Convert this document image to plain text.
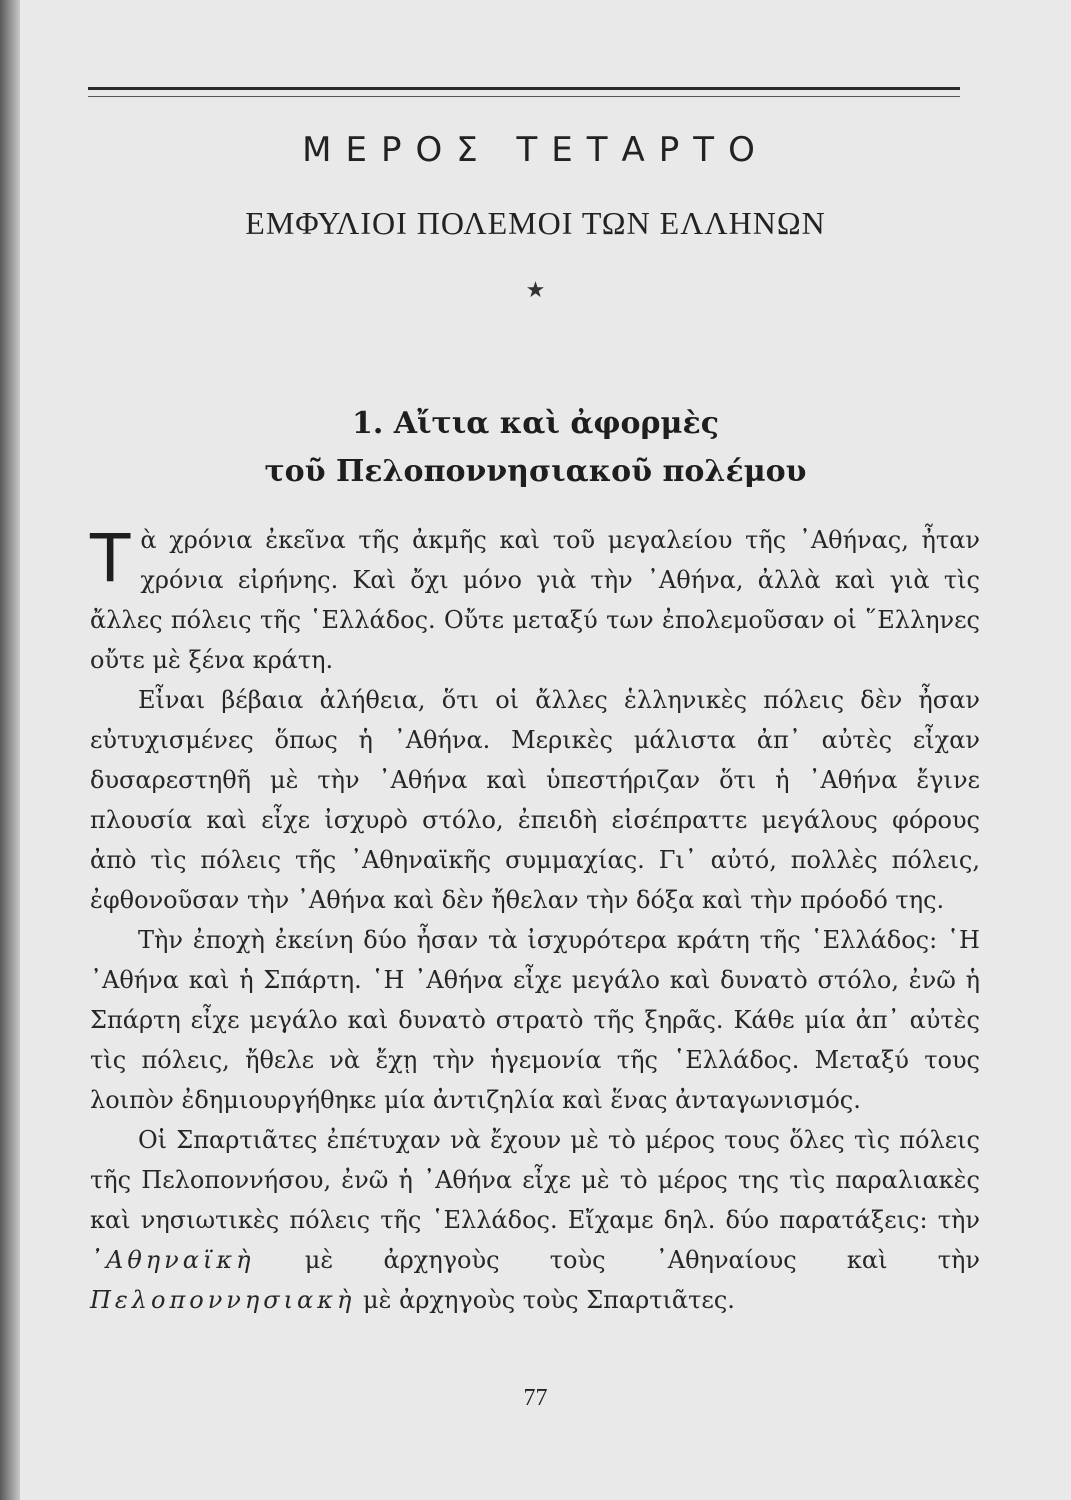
ΜΕΡΟΣ ΤΕΤΑΡΤΟ
ΕΜΦΥΛΙΟΙ ΠΟΛΕΜΟΙ ΤΩΝ ΕΛΛΗΝΩΝ
★
1. Αἴτια καὶ ἀφορμὲς
τοῦ Πελοποννησιακοῦ πολέμου

Τὰ χρόνια ἐκεῖνα τῆς ἀκμῆς καὶ τοῦ μεγαλείου τῆς ᾿Αθήνας, ἦταν χρόνια εἰρήνης. Καὶ ὄχι μόνο γιὰ τὴν ᾿Αθήνα, ἀλλὰ καὶ γιὰ τὶς ἄλλες πόλεις τῆς ῾Ελλάδος. Οὔτε μεταξύ των ἐπολεμοῦσαν οἱ ῞Ελληνες οὔτε μὲ ξένα κράτη.

Εἶναι βέβαια ἀλήθεια, ὅτι οἱ ἄλλες ἑλληνικὲς πόλεις δὲν ἦσαν εὐτυχισμένες ὅπως ἡ ᾿Αθήνα. Μερικὲς μάλιστα ἀπ᾿ αὐτὲς εἶχαν δυσαρεστηθῆ μὲ τὴν ᾿Αθήνα καὶ ὑπεστήριζαν ὅτι ἡ ᾿Αθήνα ἔγινε πλουσία καὶ εἶχε ἰσχυρὸ στόλο, ἐπειδὴ εἰσέπραττε μεγάλους φόρους ἀπὸ τὶς πόλεις τῆς ᾿Αθηναϊκῆς συμμαχίας. Γι᾿ αὐτό, πολλὲς πόλεις, ἐφθονοῦσαν τὴν ᾿Αθήνα καὶ δὲν ἤθελαν τὴν δόξα καὶ τὴν πρόοδό της.

Τὴν ἐποχὴ ἐκείνη δύο ἦσαν τὰ ἰσχυρότερα κράτη τῆς ῾Ελλάδος: ῾Η ᾿Αθήνα καὶ ἡ Σπάρτη. ῾Η ᾿Αθήνα εἶχε μεγάλο καὶ δυνατὸ στόλο, ἐνῶ ἡ Σπάρτη εἶχε μεγάλο καὶ δυνατὸ στρατὸ τῆς ξηρᾶς. Κάθε μία ἀπ᾿ αὐτὲς τὶς πόλεις, ἤθελε νὰ ἔχῃ τὴν ἡγεμονία τῆς ῾Ελλάδος. Μεταξύ τους λοιπὸν ἐδημιουργήθηκε μία ἀντιζηλία καὶ ἕνας ἀνταγωνισμός.

Οἱ Σπαρτιᾶτες ἐπέτυχαν νὰ ἔχουν μὲ τὸ μέρος τους ὅλες τὶς πόλεις τῆς Πελοποννήσου, ἐνῶ ἡ ᾿Αθήνα εἶχε μὲ τὸ μέρος της τὶς παραλιακὲς καὶ νησιωτικὲς πόλεις τῆς ῾Ελλάδος. Εἴχαμε δηλ. δύο παρατάξεις: τὴν ᾿Αθηναϊκὴ μὲ ἀρχηγοὺς τοὺς ᾿Αθηναίους καὶ τὴν Πελοποννησιακὴ μὲ ἀρχηγοὺς τοὺς Σπαρτιᾶτες.

77
